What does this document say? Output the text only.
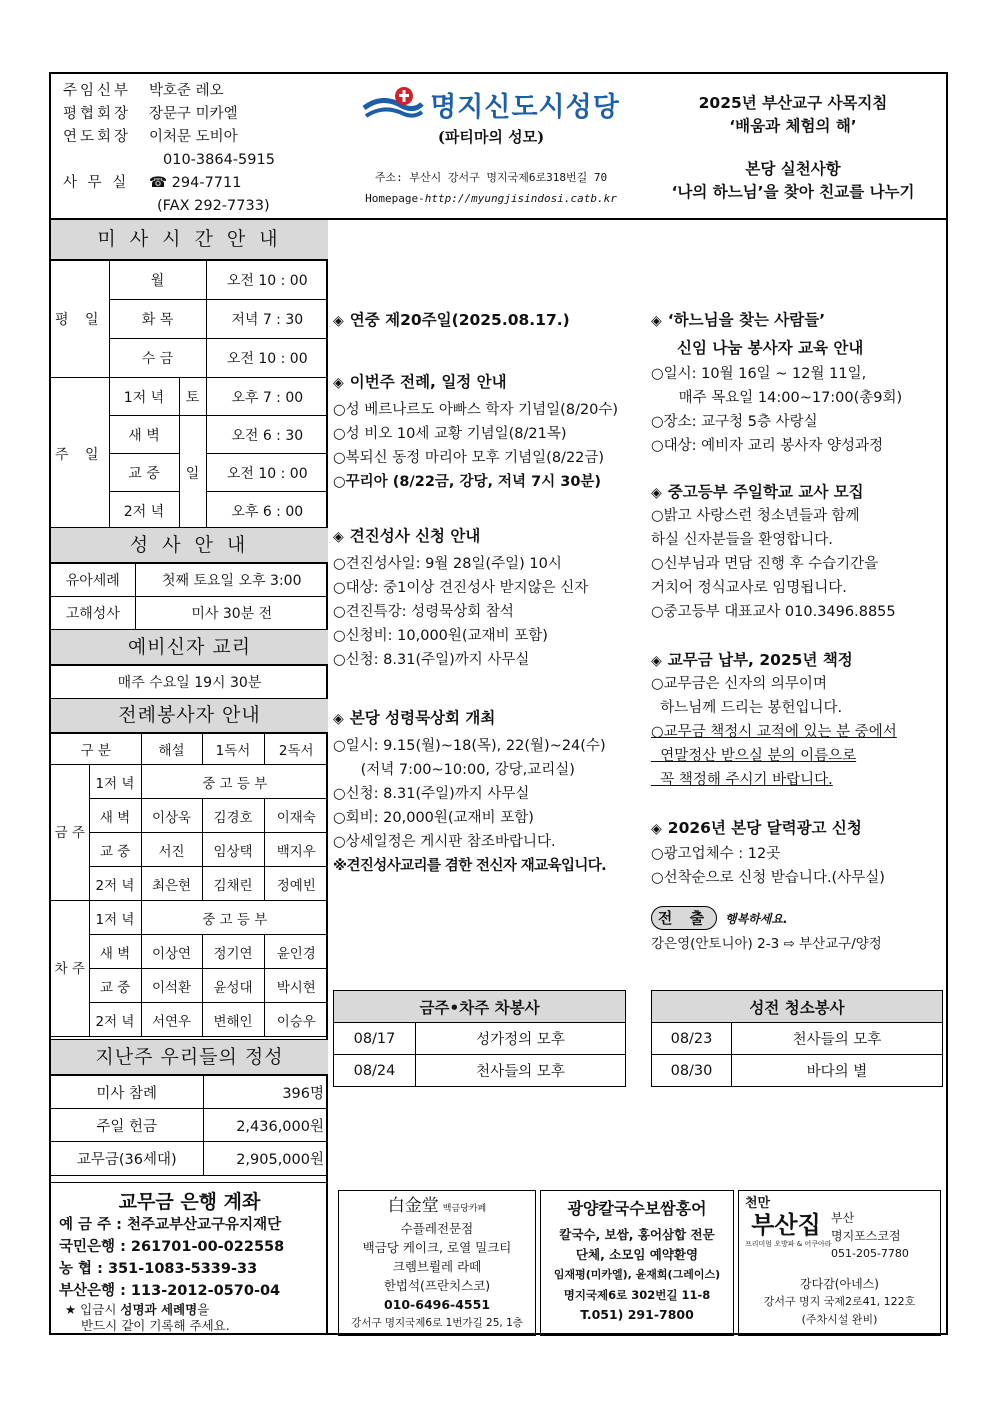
주임신부 박호준 레오
평협회장 장문구 미카엘
연도회장 이처문 도비아
010-3864-5915
사 무 실 ☎ 294-7711
(FAX 292-7733)
명지신도시성당
(파티마의 성모)
주소: 부산시 강서구 명지국제6로318번길 70
Homepage-http://myungjisindosi.catb.kr
2025년 부산교구 사목지침
‘배움과 체험의 해’
본당 실천사항
‘나의 하느님’을 찾아 친교를 나누기
미 사 시 간 안 내
평 일	월		오전 10 : 00
	화 목		저녁 7 : 30
	수 금		오전 10 : 00
주 일	1저 녁	토	오후 7 : 00
	새 벽	일	오전 6 : 30
	교 중		오전 10 : 00
	2저 녁		오후 6 : 00
성 사 안 내
유아세례	첫째 토요일 오후 3:00
고해성사	미사 30분 전
예비신자 교리
매주 수요일 19시 30분
전례봉사자 안내
구 분		해설	1독서	2독서
금 주	1저 녁	중 고 등 부		
	새 벽	이상욱	김경호	이재숙
	교 중	서진	임상택	백지우
	2저 녁	최은현	김채린	정예빈
차 주	1저 녁	중 고 등 부		
	새 벽	이상연	정기연	윤인경
	교 중	이석환	윤성대	박시현
	2저 녁	서연우	변해인	이승우
지난주 우리들의 정성
미사 참례	396명
주일 헌금	2,436,000원
교무금(36세대)	2,905,000원
교무금 은행 계좌
예 금 주 : 천주교부산교구유지재단
국민은행 : 261701-00-022558
농 협 : 351-1083-5339-33
부산은행 : 113-2012-0570-04
★ 입금시 성명과 세례명을
반드시 같이 기록해 주세요.
◈ 연중 제20주일(2025.08.17.)
◈ 이번주 전례, 일정 안내
○성 베르나르도 아빠스 학자 기념일(8/20수)
○성 비오 10세 교황 기념일(8/21목)
○복되신 동정 마리아 모후 기념일(8/22금)
○꾸리아 (8/22금, 강당, 저녁 7시 30분)
◈ 견진성사 신청 안내
○견진성사일: 9월 28일(주일) 10시
○대상: 중1이상 견진성사 받지않은 신자
○견진특강: 성령묵상회 참석
○신청비: 10,000원(교재비 포함)
○신청: 8.31(주일)까지 사무실
◈ 본당 성령묵상회 개최
○일시: 9.15(월)~18(목), 22(월)~24(수)
(저녁 7:00~10:00, 강당,교리실)
○신청: 8.31(주일)까지 사무실
○회비: 20,000원(교재비 포함)
○상세일정은 게시판 참조바랍니다.
※견진성사교리를 겸한 전신자 재교육입니다.
◈ ‘하느님을 찾는 사람들’
신임 나눔 봉사자 교육 안내
○일시: 10월 16일 ~ 12월 11일,
매주 목요일 14:00~17:00(총9회)
○장소: 교구청 5층 사랑실
○대상: 예비자 교리 봉사자 양성과정
◈ 중고등부 주일학교 교사 모집
○밝고 사랑스런 청소년들과 함께
하실 신자분들을 환영합니다.
○신부님과 면담 진행 후 수습기간을
거치어 정식교사로 임명됩니다.
○중고등부 대표교사 010.3496.8855
◈ 교무금 납부, 2025년 책정
○교무금은 신자의 의무이며
하느님께 드리는 봉헌입니다.
○교무금 책정시 교적에 있는 분 중에서
연말정산 받으실 분의 이름으로
꼭 책정해 주시기 바랍니다.
◈ 2026년 본당 달력광고 신청
○광고업체수 : 12곳
○선착순으로 신청 받습니다.(사무실)
전 출	행복하세요.
강은영(안토니아) 2-3 ⇨ 부산교구/양정
금주•차주 차봉사	
08/17	성가정의 모후
08/24	천사들의 모후
성전 청소봉사	
08/23	천사들의 모후
08/30	바다의 별
白金堂 백금당카페
수플레전문점
백금당 케이크, 로열 밀크티
크렘브륄레 라떼
한법석(프란치스코)
010-6496-4551
강서구 명지국제6로 1번가길 25, 1층
광양칼국수보쌈홍어
칼국수, 보쌈, 홍어삼합 전문
단체, 소모임 예약환영
임재평(미카엘), 윤재희(그레이스)
명지국제6로 302번길 11-8
T.051) 291-7800
천만
부산집
프리미엄 오방파 & 어쿠아라
부산
명지포스코점
051-205-7780
강다감(아네스)
강서구 명지 국제2로41, 122호
(주차시설 완비)
